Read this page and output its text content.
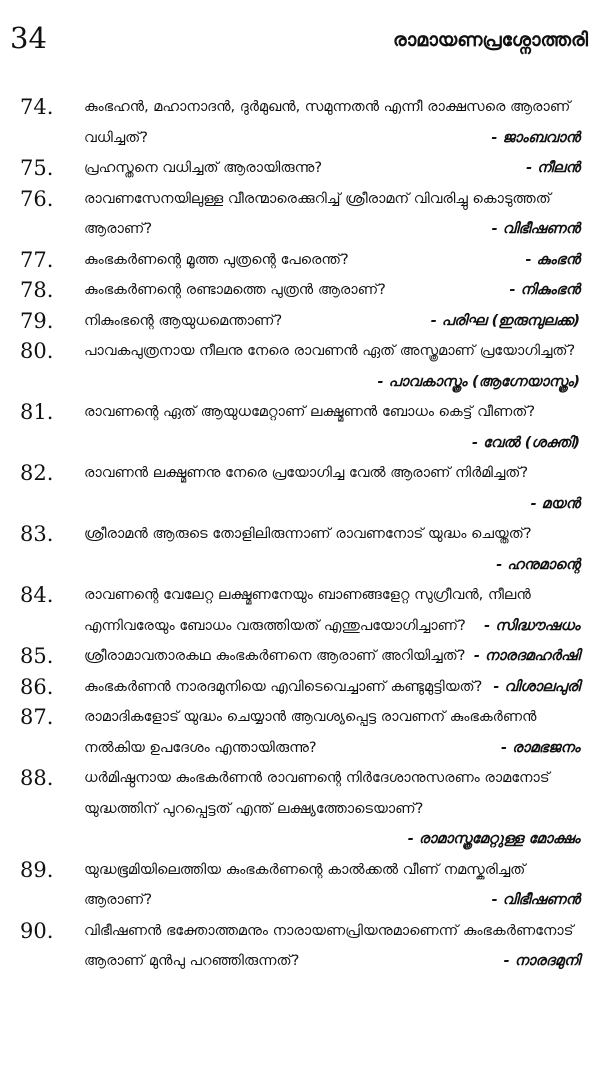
34	രാമായണപ്രശ്നോത്തരി
74. കുംഭഹൻ, മഹാനാദൻ, ദുർമുഖൻ, സമുന്നതൻ എന്നീ രാക്ഷസരെ ആരാണ് വധിച്ചത്?	- ജാംബവാൻ
75. പ്രഹസ്തനെ വധിച്ചത് ആരായിരുന്നു?	- നീലൻ
76. രാവണസേനയിലുള്ള വീരന്മാരെക്കുറിച്ച് ശ്രീരാമന് വിവരിച്ചു കൊടുത്തത് ആരാണ്?	- വിഭീഷണൻ
77. കുംഭകർണന്റെ മൂത്ത പുത്രന്റെ പേരെന്ത്?	- കുംഭൻ
78. കുംഭകർണന്റെ രണ്ടാമത്തെ പുത്രൻ ആരാണ്?	- നികുംഭൻ
79. നികുംഭന്റെ ആയുധമെന്താണ്?	- പരിഘ (ഇരുമ്പുലക്ക)
80. പാവകപുത്രനായ നീലനു നേരെ രാവണൻ ഏത് അസ്ത്രമാണ് പ്രയോഗിച്ചത്?
- പാവകാസ്ത്രം (ആഗ്നേയാസ്ത്രം)
81. രാവണന്റെ ഏത് ആയുധമേറ്റാണ് ലക്ഷ്മണൻ ബോധം കെട്ട് വീണത്?
- വേൽ (ശക്തി)
82. രാവണൻ ലക്ഷ്മണനു നേരെ പ്രയോഗിച്ച വേൽ ആരാണ് നിർമിച്ചത്?
- മയൻ
83. ശ്രീരാമൻ ആരുടെ തോളിലിരുന്നാണ് രാവണനോട് യുദ്ധം ചെയ്തത്?
- ഹനുമാന്റെ
84. രാവണന്റെ വേലേറ്റ ലക്ഷ്മണനേയും ബാണങ്ങളേറ്റ സുഗ്രീവൻ, നീലൻ എന്നിവരേയും ബോധം വരുത്തിയത് എന്തുപയോഗിച്ചാണ്? - സിദ്ധൗഷധം
85. ശ്രീരാമാവതാരകഥ കുംഭകർണനെ ആരാണ് അറിയിച്ചത്? - നാരദമഹർഷി
86. കുംഭകർണൻ നാരദമുനിയെ എവിടെവെച്ചാണ് കണ്ടുമുട്ടിയത്? - വിശാലപുരി
87. രാമാദികളോട് യുദ്ധം ചെയ്യാൻ ആവശ്യപ്പെട്ട രാവണന് കുംഭകർണൻ നൽകിയ ഉപദേശം എന്തായിരുന്നു?	- രാമഭജനം
88. ധർമിഷ്ഠനായ കുംഭകർണൻ രാവണന്റെ നിർദേശാനുസരണം രാമനോട് യുദ്ധത്തിന് പുറപ്പെട്ടത് എന്ത് ലക്ഷ്യത്തോടെയാണ്?
- രാമാസ്ത്രമേറ്റുള്ള മോക്ഷം
89. യുദ്ധഭൂമിയിലെത്തിയ കുംഭകർണന്റെ കാൽക്കൽ വീണ് നമസ്കരിച്ചത് ആരാണ്?	- വിഭീഷണൻ
90. വിഭീഷണൻ ഭക്തോത്തമനും നാരായണപ്രിയനുമാണെന്ന് കുംഭകർണനോട് ആരാണ് മുൻപു പറഞ്ഞിരുന്നത്?	- നാരദമുനി
